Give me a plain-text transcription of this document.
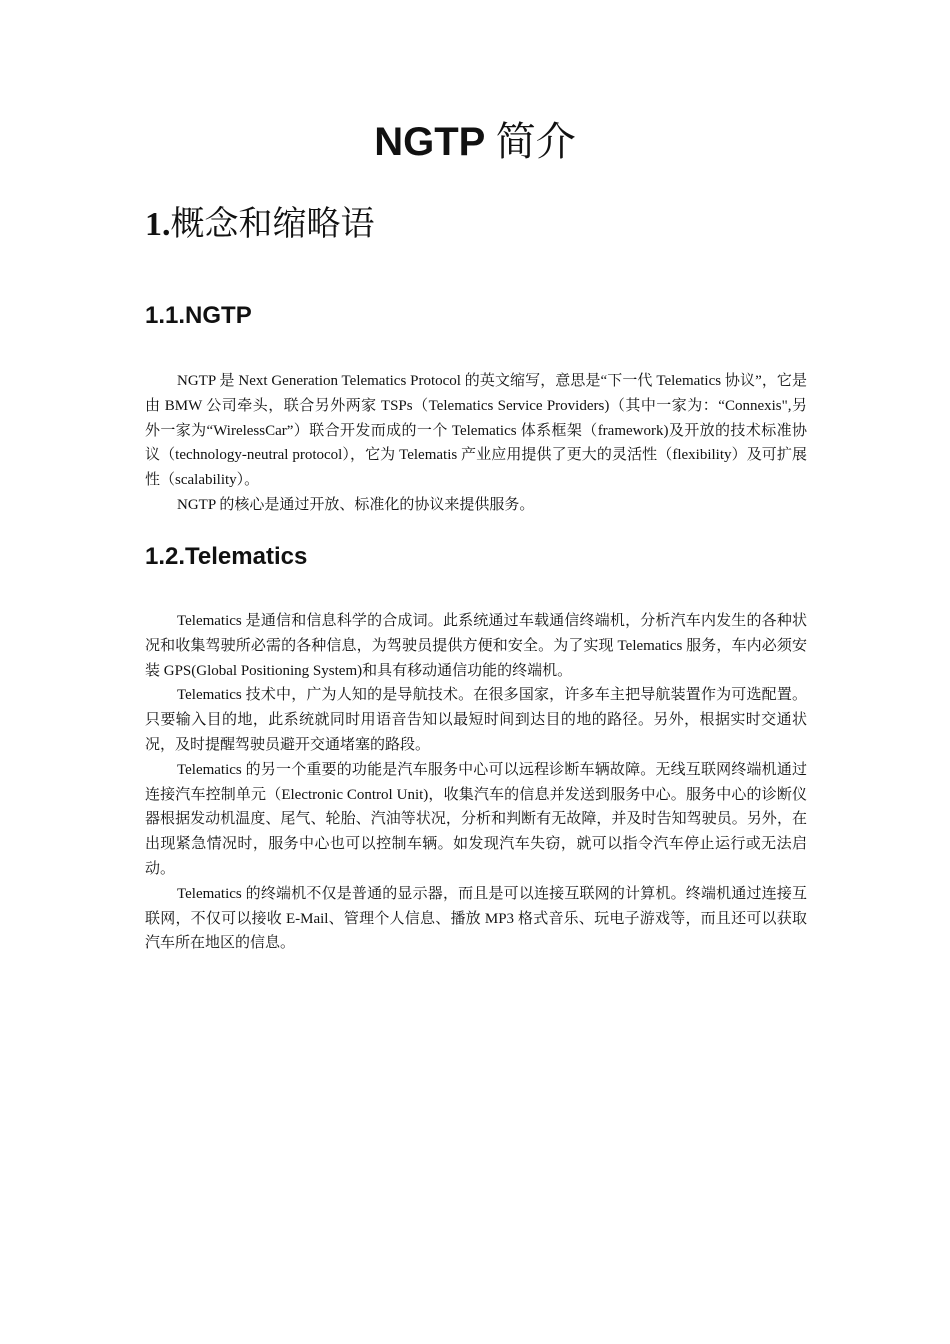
NGTP 简介
1.概念和缩略语
1.1.NGTP

NGTP 是 Next Generation Telematics Protocol 的英文缩写，意思是“下一代 Telematics 协议”，它是由 BMW 公司牵头，联合另外两家 TSPs（Telematics Service Providers)（其中一家为：“Connexis",另外一家为“WirelessCar”）联合开发而成的一个 Telematics 体系框架（framework)及开放的技术标准协议（technology-neutral protocol），它为 Telematis 产业应用提供了更大的灵活性（flexibility）及可扩展性（scalability）。

NGTP 的核心是通过开放、标准化的协议来提供服务。

1.2.Telematics

Telematics 是通信和信息科学的合成词。此系统通过车载通信终端机，分析汽车内发生的各种状况和收集驾驶所必需的各种信息，为驾驶员提供方便和安全。为了实现 Telematics 服务，车内必须安装 GPS(Global Positioning System)和具有移动通信功能的终端机。

Telematics 技术中，广为人知的是导航技术。在很多国家，许多车主把导航装置作为可选配置。只要输入目的地，此系统就同时用语音告知以最短时间到达目的地的路径。另外，根据实时交通状况，及时提醒驾驶员避开交通堵塞的路段。

Telematics 的另一个重要的功能是汽车服务中心可以远程诊断车辆故障。无线互联网终端机通过连接汽车控制单元（Electronic Control Unit)，收集汽车的信息并发送到服务中心。服务中心的诊断仪器根据发动机温度、尾气、轮胎、汽油等状况，分析和判断有无故障，并及时告知驾驶员。另外，在出现紧急情况时，服务中心也可以控制车辆。如发现汽车失窃，就可以指令汽车停止运行或无法启动。

Telematics 的终端机不仅是普通的显示器，而且是可以连接互联网的计算机。终端机通过连接互联网，不仅可以接收 E-Mail、管理个人信息、播放 MP3 格式音乐、玩电子游戏等，而且还可以获取汽车所在地区的信息。
